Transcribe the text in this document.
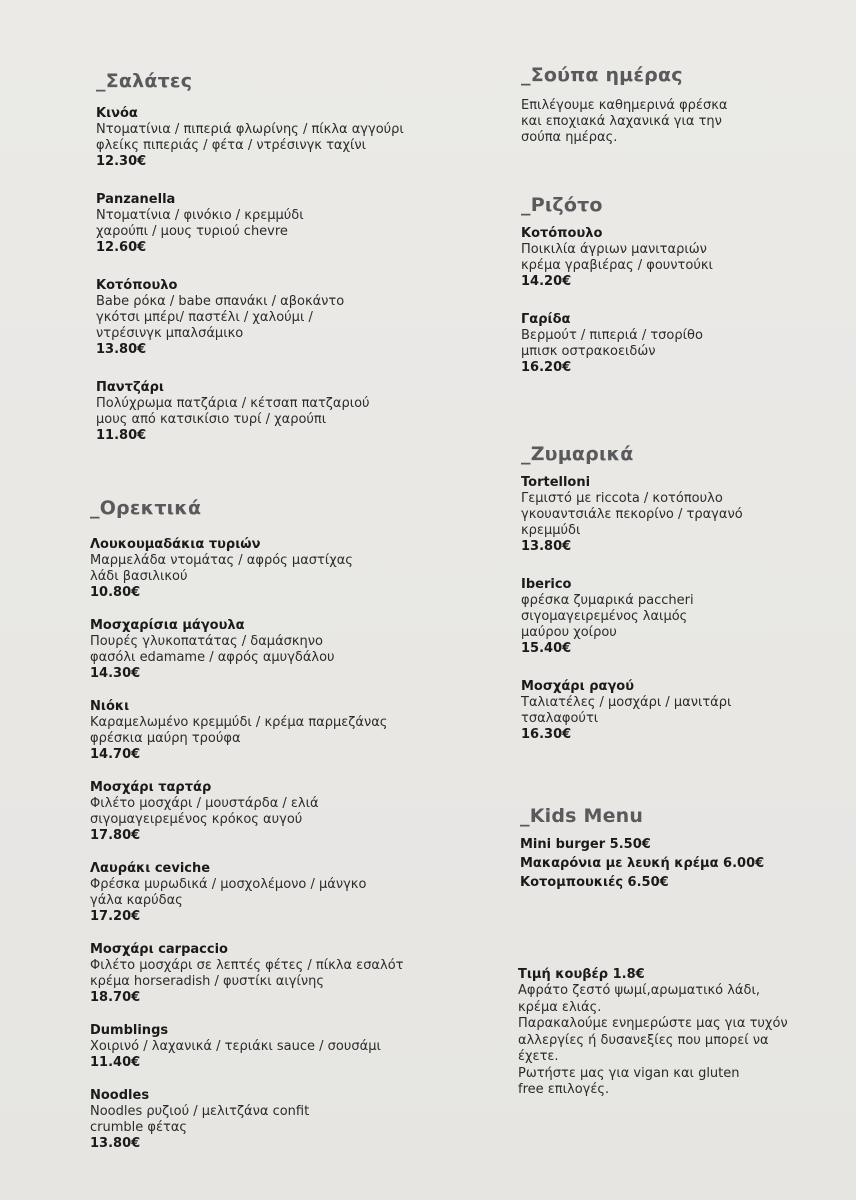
_Σαλάτες
Κινόα
Ντοματίνια / πιπεριά φλωρίνης / πίκλα αγγούρι
φλείκς πιπεριάς / φέτα / ντρέσινγκ ταχίνι
12.30€
Panzanella
Ντοματίνια / φινόκιο / κρεμμύδι
χαρούπι / μους τυριού chevre
12.60€
Κοτόπουλο
Babe ρόκα / babe σπανάκι / αβοκάντο
γκότσι μπέρι/ παστέλι / χαλούμι /
ντρέσινγκ μπαλσάμικο
13.80€
Παντζάρι
Πολύχρωμα πατζάρια / κέτσαπ πατζαριού
μους από κατσικίσιο τυρί / χαρούπι
11.80€
_Ορεκτικά
Λουκουμαδάκια τυριών
Μαρμελάδα ντομάτας / αφρός μαστίχας
λάδι βασιλικού
10.80€
Μοσχαρίσια μάγουλα
Πουρές γλυκοπατάτας / δαμάσκηνο
φασόλι edamame / αφρός αμυγδάλου
14.30€
Νιόκι
Καραμελωμένο κρεμμύδι / κρέμα παρμεζάνας
φρέσκια μαύρη τρούφα
14.70€
Μοσχάρι ταρτάρ
Φιλέτο μοσχάρι / μουστάρδα / ελιά
σιγομαγειρεμένος κρόκος αυγού
17.80€
Λαυράκι ceviche
Φρέσκα μυρωδικά / μοσχολέμονο / μάνγκο
γάλα καρύδας
17.20€
Μοσχάρι carpaccio
Φιλέτο μοσχάρι σε λεπτές φέτες / πίκλα εσαλότ
κρέμα horseradish / φυστίκι αιγίνης
18.70€
Dumblings
Χοιρινό / λαχανικά / τεριάκι sauce / σουσάμι
11.40€
Noodles
Noodles ρυζιού / μελιτζάνα confit
crumble φέτας
13.80€
_Σούπα ημέρας
Επιλέγουμε καθημερινά φρέσκα
και εποχιακά λαχανικά για την
σούπα ημέρας.
_Ριζότο
Κοτόπουλο
Ποικιλία άγριων μανιταριών
κρέμα γραβιέρας / φουντούκι
14.20€
Γαρίδα
Βερμούτ / πιπεριά / τσορίθο
μπισκ οστρακοειδών
16.20€
_Ζυμαρικά
Tortelloni
Γεμιστό με riccota / κοτόπουλο
γκουαντσιάλε πεκορίνο / τραγανό
κρεμμύδι
13.80€
Iberico
φρέσκα ζυμαρικά paccheri
σιγομαγειρεμένος λαιμός
μαύρου χοίρου
15.40€
Μοσχάρι ραγού
Ταλιατέλες / μοσχάρι / μανιτάρι
τσαλαφούτι
16.30€
_Kids Menu
Mini burger 5.50€
Μακαρόνια με λευκή κρέμα 6.00€
Κοτομπουκιές 6.50€
Τιμή κουβέρ 1.8€
Αφράτο ζεστό ψωμί,αρωματικό λάδι,
κρέμα ελιάς.
Παρακαλούμε ενημερώστε μας για τυχόν
αλλεργίες ή δυσανεξίες που μπορεί να
έχετε.
Ρωτήστε μας για vigan και gluten
free επιλογές.
